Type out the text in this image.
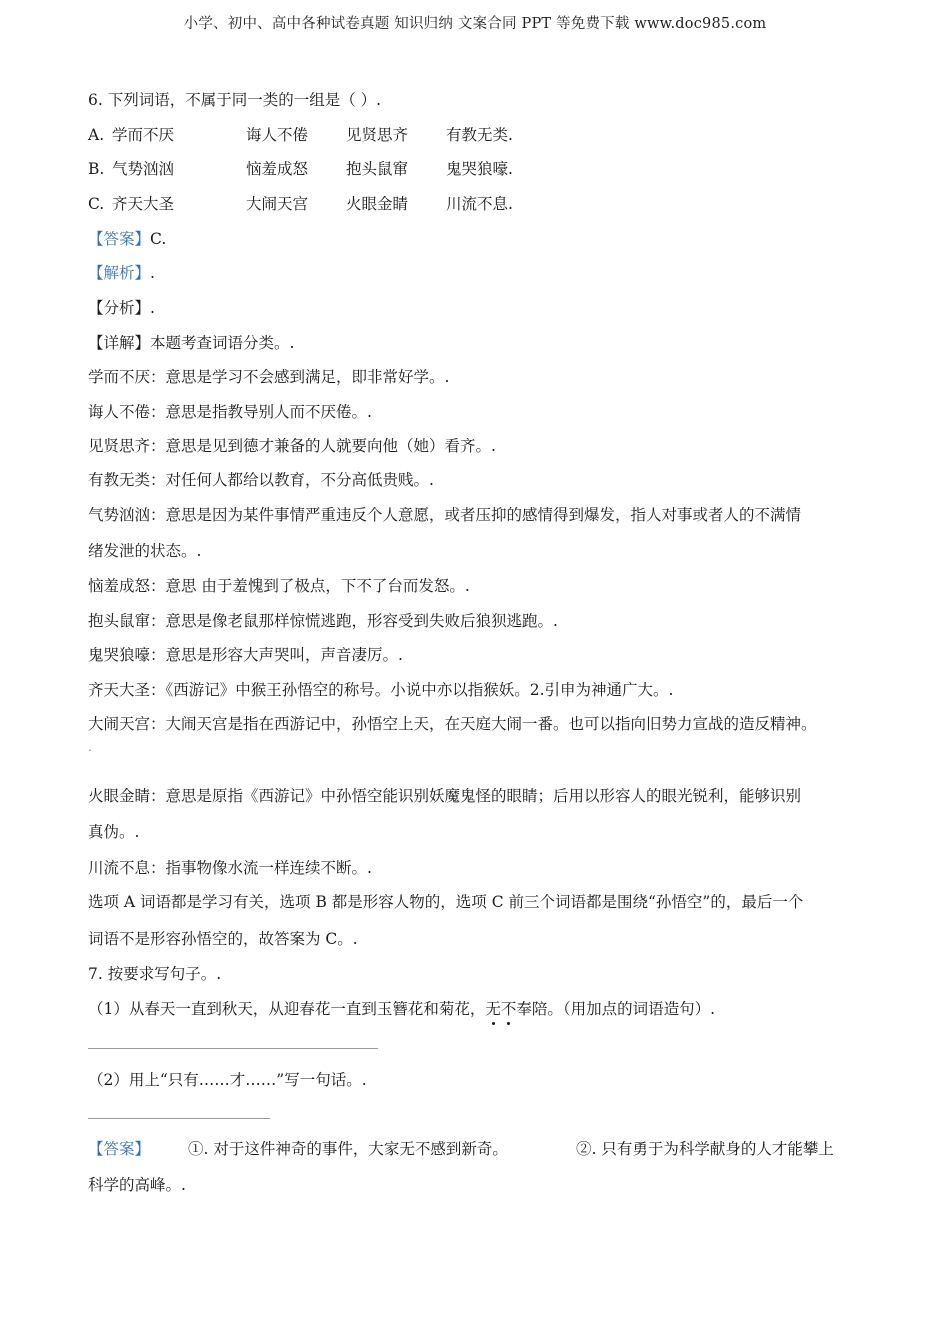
小学、初中、高中各种试卷真题 知识归纳 文案合同 PPT 等免费下载 www.doc985.com
6. 下列词语，不属于同一类的一组是（ ）.
A. 学而不厌	诲人不倦 见贤思齐 有教无类.
B. 气势汹汹	恼羞成怒 抱头鼠窜 鬼哭狼嚎.
C. 齐天大圣	大闹天宫 火眼金睛 川流不息.
【答案】C.
【解析】.
【分析】.
【详解】本题考查词语分类。.
学而不厌：意思是学习不会感到满足，即非常好学。.
诲人不倦：意思是指教导别人而不厌倦。.
见贤思齐：意思是见到德才兼备的人就要向他（她）看齐。.
有教无类：对任何人都给以教育，不分高低贵贱。.
气势汹汹：意思是因为某件事情严重违反个人意愿，或者压抑的感情得到爆发，指人对事或者人的不满情
绪发泄的状态。.
恼羞成怒：意思 由于羞愧到了极点，下不了台而发怒。.
抱头鼠窜：意思是像老鼠那样惊慌逃跑，形容受到失败后狼狈逃跑。.
鬼哭狼嚎：意思是形容大声哭叫，声音凄厉。.
齐天大圣：《西游记》中猴王孙悟空的称号。小说中亦以指猴妖。2.引申为神通广大。.
大闹天宫：大闹天宫是指在西游记中，孙悟空上天，在天庭大闹一番。也可以指向旧势力宣战的造反精神。
.
火眼金睛：意思是原指《西游记》中孙悟空能识别妖魔鬼怪的眼睛；后用以形容人的眼光锐利，能够识别
真伪。.
川流不息：指事物像水流一样连续不断。.
选项 A 词语都是学习有关，选项 B 都是形容人物的，选项 C 前三个词语都是围绕“孙悟空”的，最后一个
词语不是形容孙悟空的，故答案为 C。.
7. 按要求写句子。.
（1）从春天一直到秋天，从迎春花一直到玉簪花和菊花，无不奉陪。（用加点的词语造句）.
（2）用上“只有……才……”写一句话。.
【答案】 ①. 对于这件神奇的事件，大家无不感到新奇。	②. 只有勇于为科学献身的人才能攀上
科学的高峰。.
